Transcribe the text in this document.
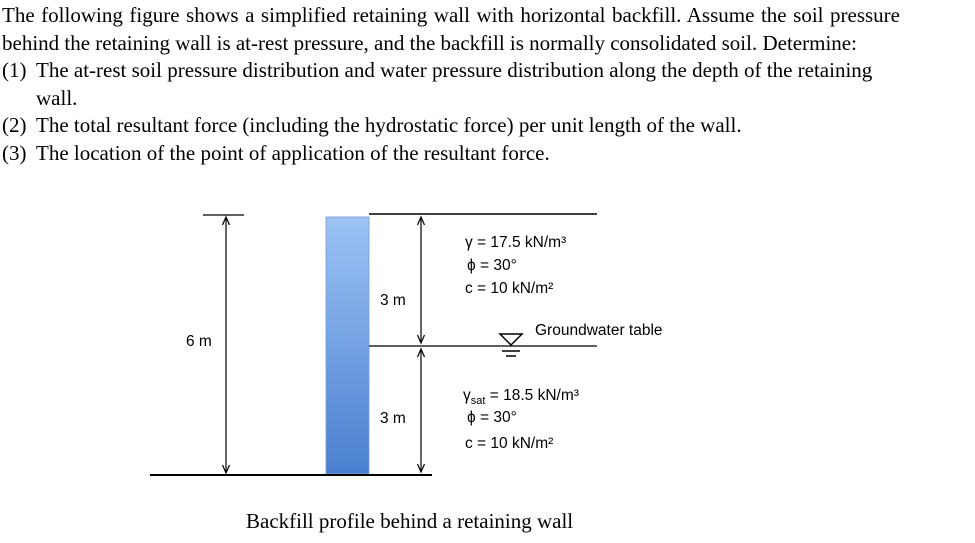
The following figure shows a simplified retaining wall with horizontal backfill. Assume the soil pressure behind the retaining wall is at-rest pressure, and the backfill is normally consolidated soil. Determine:

(1) The at-rest soil pressure distribution and water pressure distribution along the depth of the retaining wall.
(2) The total resultant force (including the hydrostatic force) per unit length of the wall.
(3) The location of the point of application of the resultant force.
6 m
3 m
3 m
γ = 17.5 kN/m³
ϕ = 30°
c = 10 kN/m²
Groundwater table
$\gamma_{sat} = 18.5$ kN/m³
ϕ = 30°
c = 10 kN/m²
Backfill profile behind a retaining wall
